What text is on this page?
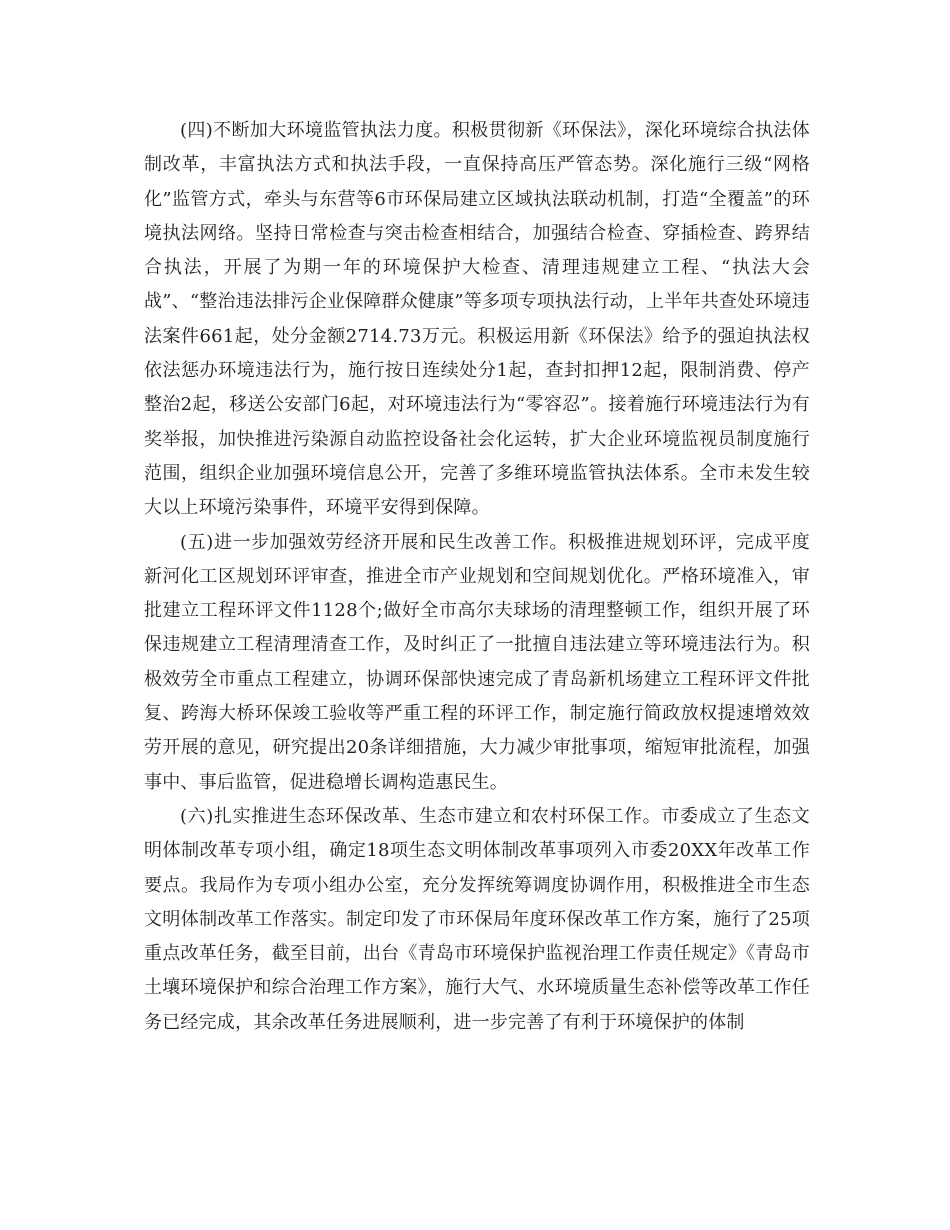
(四)不断加大环境监管执法力度。积极贯彻新《环保法》，深化环境综合执法体制改革，丰富执法方式和执法手段，一直保持高压严管态势。深化施行三级“网格化”监管方式，牵头与东营等6市环保局建立区域执法联动机制，打造“全覆盖”的环境执法网络。坚持日常检查与突击检查相结合，加强结合检查、穿插检查、跨界结合执法，开展了为期一年的环境保护大检查、清理违规建立工程、“执法大会战”、“整治违法排污企业保障群众健康”等多项专项执法行动，上半年共查处环境违法案件661起，处分金额2714.73万元。积极运用新《环保法》给予的强迫执法权依法惩办环境违法行为，施行按日连续处分1起，查封扣押12起，限制消费、停产整治2起，移送公安部门6起，对环境违法行为“零容忍”。接着施行环境违法行为有奖举报，加快推进污染源自动监控设备社会化运转，扩大企业环境监视员制度施行范围，组织企业加强环境信息公开，完善了多维环境监管执法体系。全市未发生较大以上环境污染事件，环境平安得到保障。

(五)进一步加强效劳经济开展和民生改善工作。积极推进规划环评，完成平度新河化工区规划环评审查，推进全市产业规划和空间规划优化。严格环境准入，审批建立工程环评文件1128个;做好全市高尔夫球场的清理整顿工作，组织开展了环保违规建立工程清理清查工作，及时纠正了一批擅自违法建立等环境违法行为。积极效劳全市重点工程建立，协调环保部快速完成了青岛新机场建立工程环评文件批复、跨海大桥环保竣工验收等严重工程的环评工作，制定施行简政放权提速增效效劳开展的意见，研究提出20条详细措施，大力减少审批事项，缩短审批流程，加强事中、事后监管，促进稳增长调构造惠民生。

(六)扎实推进生态环保改革、生态市建立和农村环保工作。市委成立了生态文明体制改革专项小组，确定18项生态文明体制改革事项列入市委20XX年改革工作要点。我局作为专项小组办公室，充分发挥统筹调度协调作用，积极推进全市生态文明体制改革工作落实。制定印发了市环保局年度环保改革工作方案，施行了25项重点改革任务，截至目前，出台《青岛市环境保护监视治理工作责任规定》《青岛市土壤环境保护和综合治理工作方案》，施行大气、水环境质量生态补偿等改革工作任务已经完成，其余改革任务进展顺利，进一步完善了有利于环境保护的体制
